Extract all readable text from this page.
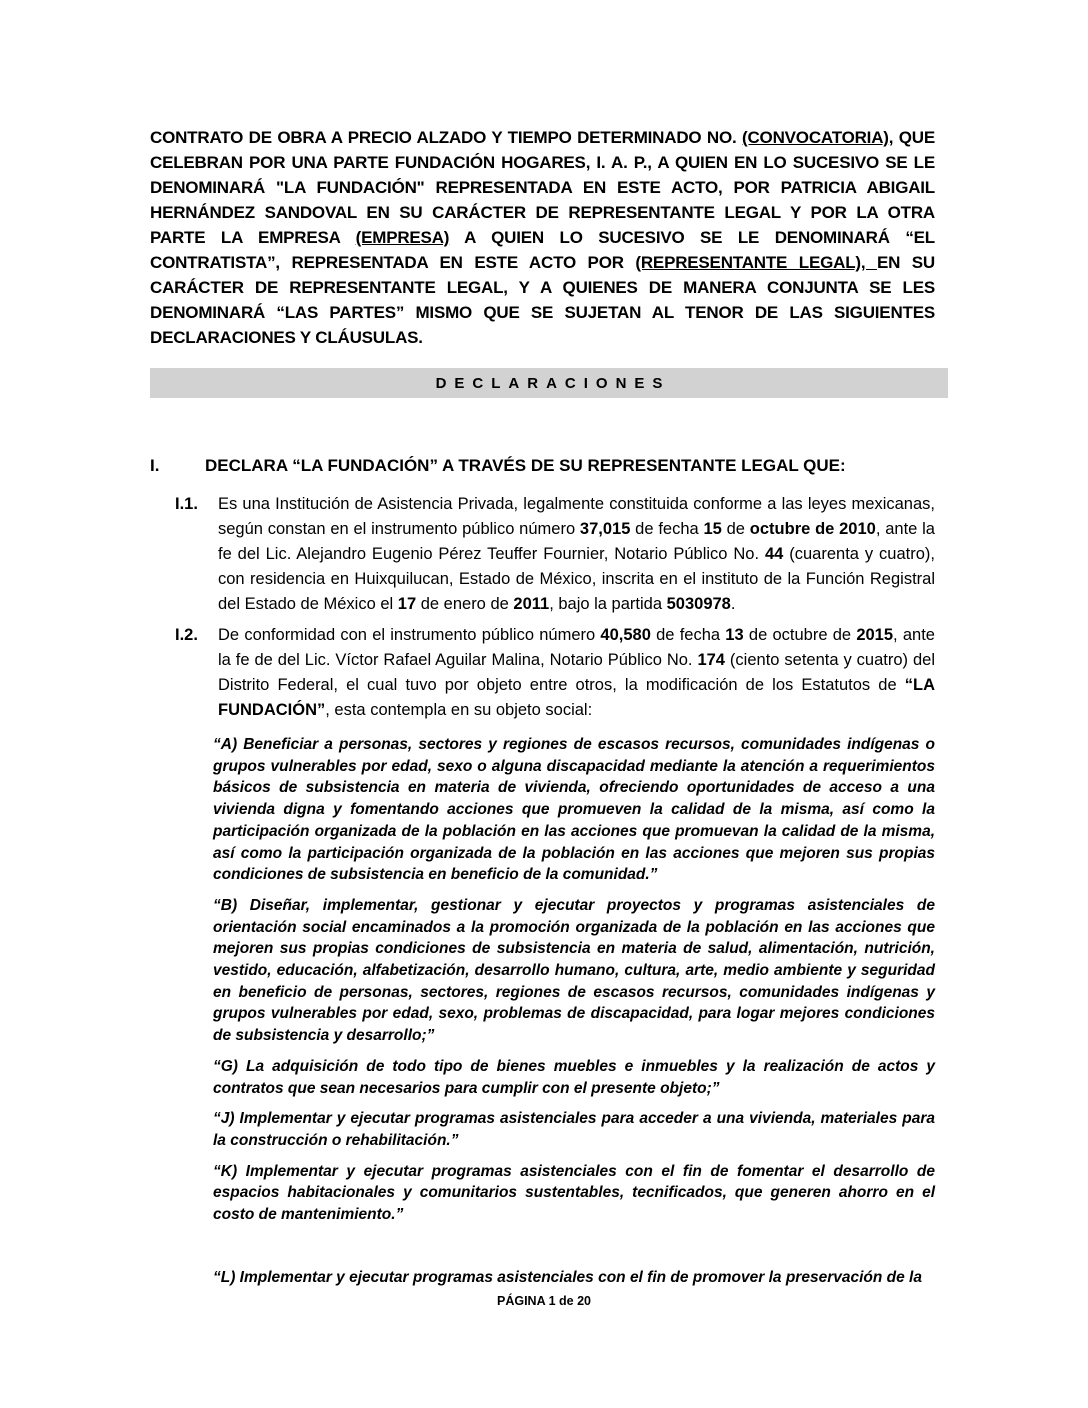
CONTRATO DE OBRA A PRECIO ALZADO Y TIEMPO DETERMINADO NO. (CONVOCATORIA), QUE CELEBRAN POR UNA PARTE FUNDACIÓN HOGARES, I. A. P., A QUIEN EN LO SUCESIVO SE LE DENOMINARÁ "LA FUNDACIÓN" REPRESENTADA EN ESTE ACTO, POR PATRICIA ABIGAIL HERNÁNDEZ SANDOVAL EN SU CARÁCTER DE REPRESENTANTE LEGAL Y POR LA OTRA PARTE LA EMPRESA (EMPRESA) A QUIEN LO SUCESIVO SE LE DENOMINARÁ “EL CONTRATISTA”, REPRESENTADA EN ESTE ACTO POR (REPRESENTANTE LEGAL), EN SU CARÁCTER DE REPRESENTANTE LEGAL, Y A QUIENES DE MANERA CONJUNTA SE LES DENOMINARÁ “LAS PARTES” MISMO QUE SE SUJETAN AL TENOR DE LAS SIGUIENTES DECLARACIONES Y CLÁUSULAS.

DECLARACIONES
I.	DECLARA “LA FUNDACIÓN” A TRAVÉS DE SU REPRESENTANTE LEGAL QUE:
I.1.	Es una Institución de Asistencia Privada, legalmente constituida conforme a las leyes mexicanas, según constan en el instrumento público número 37,015 de fecha 15 de octubre de 2010, ante la fe del Lic. Alejandro Eugenio Pérez Teuffer Fournier, Notario Público No. 44 (cuarenta y cuatro), con residencia en Huixquilucan, Estado de México, inscrita en el instituto de la Función Registral del Estado de México el 17 de enero de 2011, bajo la partida 5030978.
I.2.	De conformidad con el instrumento público número 40,580 de fecha 13 de octubre de 2015, ante la fe de del Lic. Víctor Rafael Aguilar Malina, Notario Público No. 174 (ciento setenta y cuatro) del Distrito Federal, el cual tuvo por objeto entre otros, la modificación de los Estatutos de “LA FUNDACIÓN”, esta contempla en su objeto social:

“A) Beneficiar a personas, sectores y regiones de escasos recursos, comunidades indígenas o grupos vulnerables por edad, sexo o alguna discapacidad mediante la atención a requerimientos básicos de subsistencia en materia de vivienda, ofreciendo oportunidades de acceso a una vivienda digna y fomentando acciones que promueven la calidad de la misma, así como la participación organizada de la población en las acciones que promuevan la calidad de la misma, así como la participación organizada de la población en las acciones que mejoren sus propias condiciones de subsistencia en beneficio de la comunidad.”

“B) Diseñar, implementar, gestionar y ejecutar proyectos y programas asistenciales de orientación social encaminados a la promoción organizada de la población en las acciones que mejoren sus propias condiciones de subsistencia en materia de salud, alimentación, nutrición, vestido, educación, alfabetización, desarrollo humano, cultura, arte, medio ambiente y seguridad en beneficio de personas, sectores, regiones de escasos recursos, comunidades indígenas y grupos vulnerables por edad, sexo, problemas de discapacidad, para logar mejores condiciones de subsistencia y desarrollo;”

“G) La adquisición de todo tipo de bienes muebles e inmuebles y la realización de actos y contratos que sean necesarios para cumplir con el presente objeto;”

“J) Implementar y ejecutar programas asistenciales para acceder a una vivienda, materiales para la construcción o rehabilitación.”

“K) Implementar y ejecutar programas asistenciales con el fin de fomentar el desarrollo de espacios habitacionales y comunitarios sustentables, tecnificados, que generen ahorro en el costo de mantenimiento.”

“L) Implementar y ejecutar programas asistenciales con el fin de promover la preservación de la

PÁGINA 1 de 20
